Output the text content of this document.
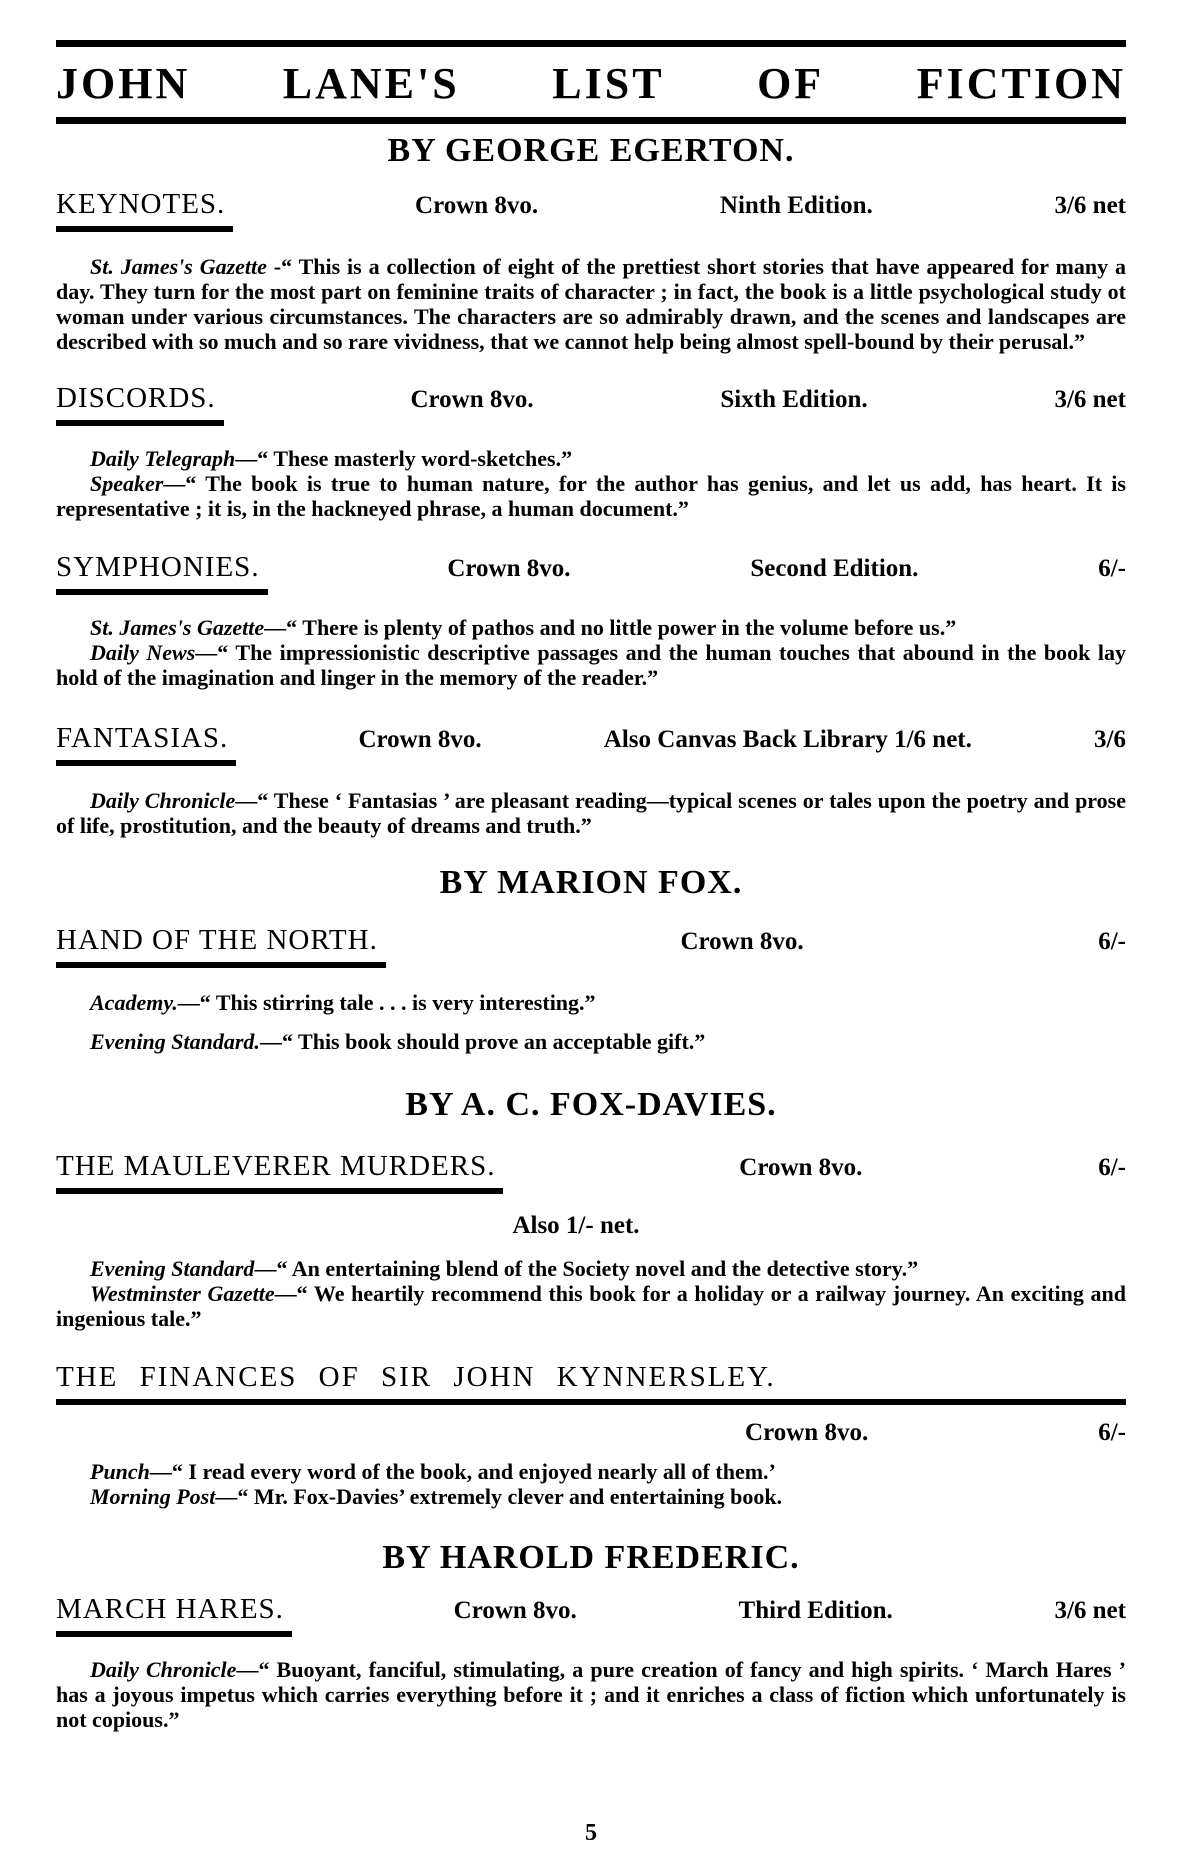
JOHN LANE'S LIST OF FICTION
BY GEORGE EGERTON.
KEYNOTES.	Crown 8vo.	Ninth Edition.	3/6 net

St. James's Gazette -“ This is a collection of eight of the prettiest short stories that have appeared for many a day. They turn for the most part on feminine traits of character ; in fact, the book is a little psychological study ot woman under various circumstances. The characters are so admirably drawn, and the scenes and landscapes are described with so much and so rare vividness, that we cannot help being almost spell-bound by their perusal.”

DISCORDS.	Crown 8vo.	Sixth Edition.	3/6 net

Daily Telegraph—“ These masterly word-sketches.”

Speaker—“ The book is true to human nature, for the author has genius, and let us add, has heart. It is representative ; it is, in the hackneyed phrase, a human document.”

SYMPHONIES.	Crown 8vo.	Second Edition.	6/-

St. James's Gazette—“ There is plenty of pathos and no little power in the volume before us.”

Daily News—“ The impressionistic descriptive passages and the human touches that abound in the book lay hold of the imagination and linger in the memory of the reader.”

FANTASIAS.	Crown 8vo.	Also Canvas Back Library 1/6 net.	3/6

Daily Chronicle—“ These ‘ Fantasias ’ are pleasant reading—typical scenes or tales upon the poetry and prose of life, prostitution, and the beauty of dreams and truth.”

BY MARION FOX.
HAND OF THE NORTH.	Crown 8vo.	6/-

Academy.—“ This stirring tale . . . is very interesting.”

Evening Standard.—“ This book should prove an acceptable gift.”

BY A. C. FOX-DAVIES.
THE MAULEVERER MURDERS.	Crown 8vo.	6/-

Also 1/- net.

Evening Standard—“ An entertaining blend of the Society novel and the detective story.”

Westminster Gazette—“ We heartily recommend this book for a holiday or a railway journey. An exciting and ingenious tale.”

THE FINANCES OF SIR JOHN KYNNERSLEY.
Crown 8vo.	6/-

Punch—“ I read every word of the book, and enjoyed nearly all of them.’

Morning Post—“ Mr. Fox-Davies’ extremely clever and entertaining book.

BY HAROLD FREDERIC.
MARCH HARES.	Crown 8vo.	Third Edition.	3/6 net

Daily Chronicle—“ Buoyant, fanciful, stimulating, a pure creation of fancy and high spirits. ‘ March Hares ’ has a joyous impetus which carries everything before it ; and it enriches a class of fiction which unfortunately is not copious.”

5
